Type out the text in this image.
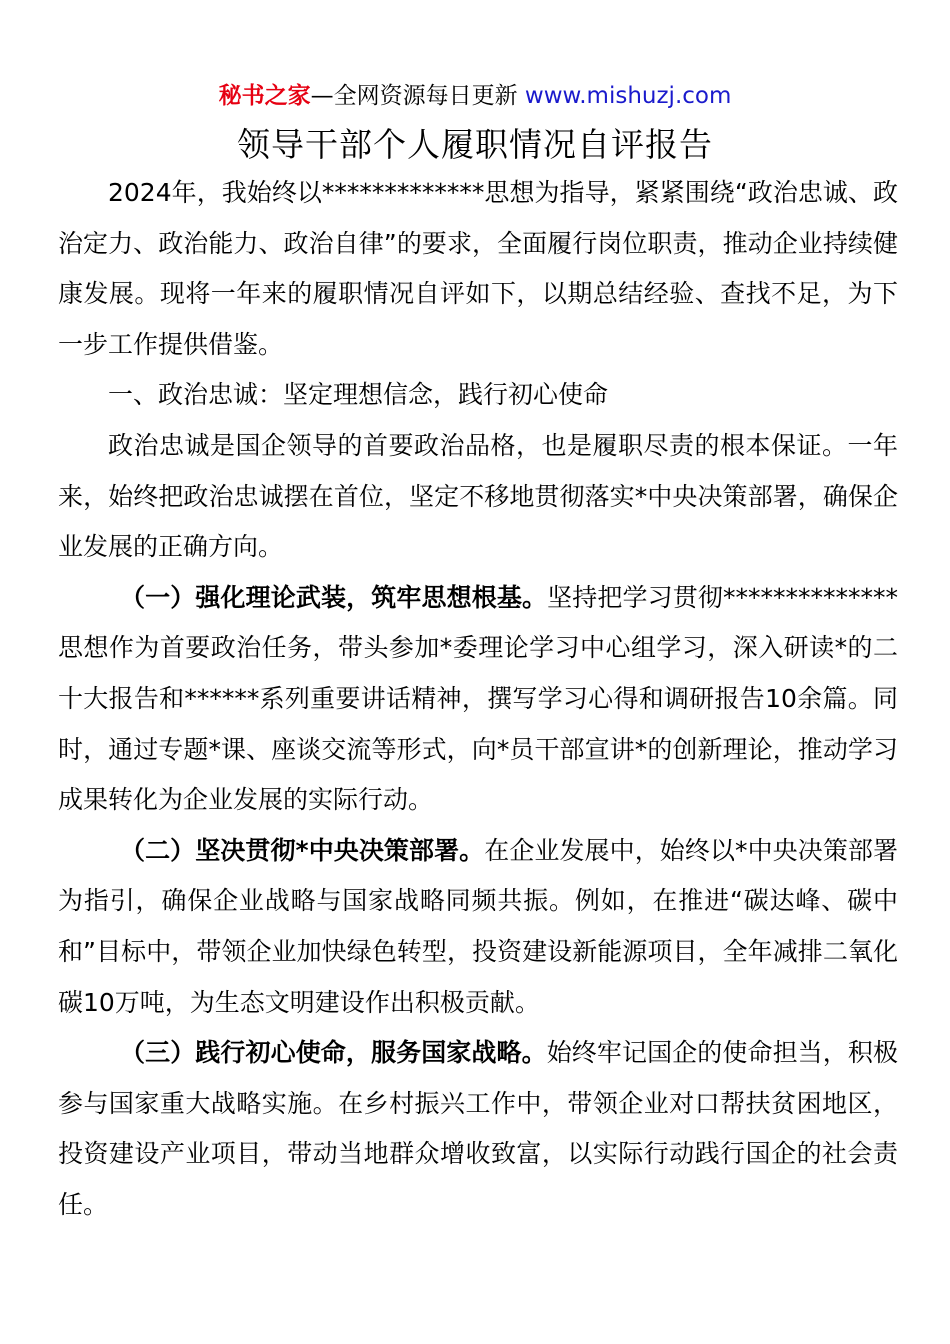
秘书之家—全网资源每日更新 www.mishuzj.com
领导干部个人履职情况自评报告

2024年，我始终以*************思想为指导，紧紧围绕“政治忠诚、政治定力、政治能力、政治自律”的要求，全面履行岗位职责，推动企业持续健康发展。现将一年来的履职情况自评如下，以期总结经验、查找不足，为下一步工作提供借鉴。

一、政治忠诚：坚定理想信念，践行初心使命

政治忠诚是国企领导的首要政治品格，也是履职尽责的根本保证。一年来，始终把政治忠诚摆在首位，坚定不移地贯彻落实*中央决策部署，确保企业发展的正确方向。

（一）强化理论武装，筑牢思想根基。坚持把学习贯彻**************思想作为首要政治任务，带头参加*委理论学习中心组学习，深入研读*的二十大报告和******系列重要讲话精神，撰写学习心得和调研报告10余篇。同时，通过专题*课、座谈交流等形式，向*员干部宣讲*的创新理论，推动学习成果转化为企业发展的实际行动。

（二）坚决贯彻*中央决策部署。在企业发展中，始终以*中央决策部署为指引，确保企业战略与国家战略同频共振。例如，在推进“碳达峰、碳中和”目标中，带领企业加快绿色转型，投资建设新能源项目，全年减排二氧化碳10万吨，为生态文明建设作出积极贡献。

（三）践行初心使命，服务国家战略。始终牢记国企的使命担当，积极参与国家重大战略实施。在乡村振兴工作中，带领企业对口帮扶贫困地区，投资建设产业项目，带动当地群众增收致富，以实际行动践行国企的社会责任。
